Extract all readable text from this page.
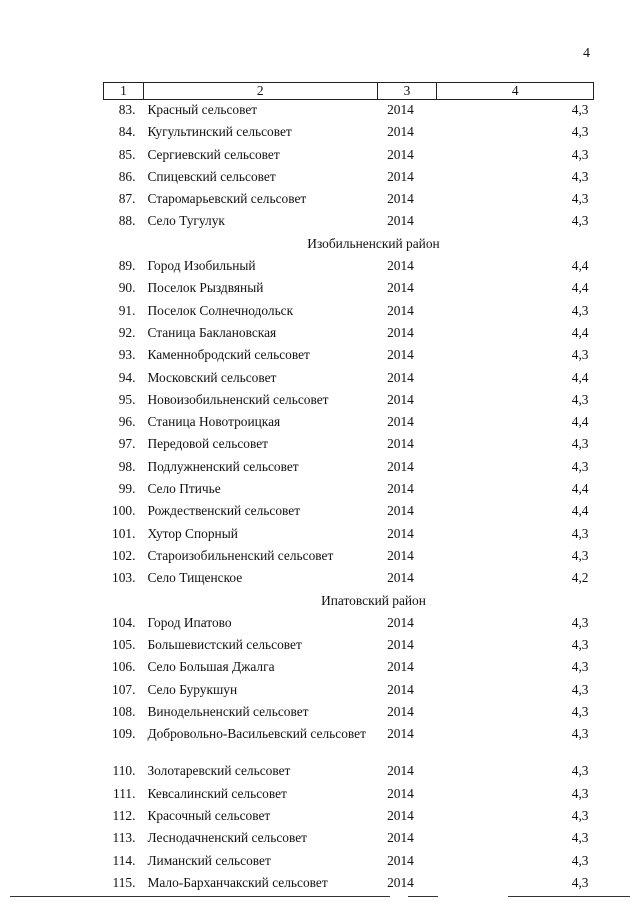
4
1	2	3	4
83.	Красный сельсовет	2014	4,3
84.	Кугультинский сельсовет	2014	4,3
85.	Сергиевский сельсовет	2014	4,3
86.	Спицевский сельсовет	2014	4,3
87.	Старомарьевский сельсовет	2014	4,3
88.	Село Тугулук	2014	4,3
Изобильненский район			
89.	Город Изобильный	2014	4,4
90.	Поселок Рыздвяный	2014	4,4
91.	Поселок Солнечнодольск	2014	4,3
92.	Станица Баклановская	2014	4,4
93.	Каменнобродский сельсовет	2014	4,3
94.	Московский сельсовет	2014	4,4
95.	Новоизобильненский сельсовет	2014	4,3
96.	Станица Новотроицкая	2014	4,4
97.	Передовой сельсовет	2014	4,3
98.	Подлужненский сельсовет	2014	4,3
99.	Село Птичье	2014	4,4
100.	Рождественский сельсовет	2014	4,4
101.	Хутор Спорный	2014	4,3
102.	Староизобильненский сельсовет	2014	4,3
103.	Село Тищенское	2014	4,2
Ипатовский район			
104.	Город Ипатово	2014	4,3
105.	Большевистский сельсовет	2014	4,3
106.	Село Большая Джалга	2014	4,3
107.	Село Бурукшун	2014	4,3
108.	Винодельненский сельсовет	2014	4,3
109.	Добровольно-Васильевский сельсовет	2014	4,3
110.	Золотаревский сельсовет	2014	4,3
111.	Кевсалинский сельсовет	2014	4,3
112.	Красочный сельсовет	2014	4,3
113.	Леснодачненский сельсовет	2014	4,3
114.	Лиманский сельсовет	2014	4,3
115.	Мало-Барханчакский сельсовет	2014	4,3
